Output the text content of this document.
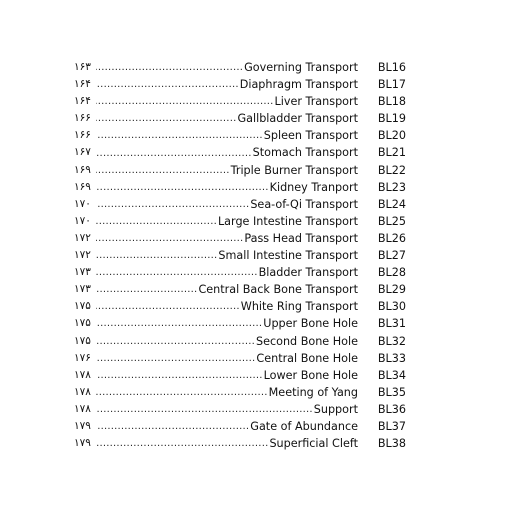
۱۶۳ .....	Governing Transport	BL16
۱۶۴ .....	Diaphragm Transport	BL17
۱۶۴ .....	Liver Transport	BL18
۱۶۶ .....	Gallbladder Transport	BL19
۱۶۶ .....	Spleen Transport	BL20
۱۶۷ .....	Stomach Transport	BL21
۱۶۹ .....	Triple Burner Transport	BL22
۱۶۹ .....	Kidney Tranport	BL23
۱۷۰ .....	Sea-of-Qi Transport	BL24
۱۷۰ .....	Large Intestine Transport	BL25
۱۷۲ .....	Pass Head Transport	BL26
۱۷۲ .....	Small Intestine Transport	BL27
۱۷۳ .....	Bladder Transport	BL28
۱۷۳ .....	Central Back Bone Transport	BL29
۱۷۵ .....	White Ring Transport	BL30
۱۷۵ .....	Upper Bone Hole	BL31
۱۷۵ .....	Second Bone Hole	BL32
۱۷۶ .....	Central Bone Hole	BL33
۱۷۸ .....	Lower Bone Hole	BL34
۱۷۸ .....	Meeting of Yang	BL35
۱۷۸ .....	Support	BL36
۱۷۹ .....	Gate of Abundance	BL37
۱۷۹ .....	Superficial Cleft	BL38
